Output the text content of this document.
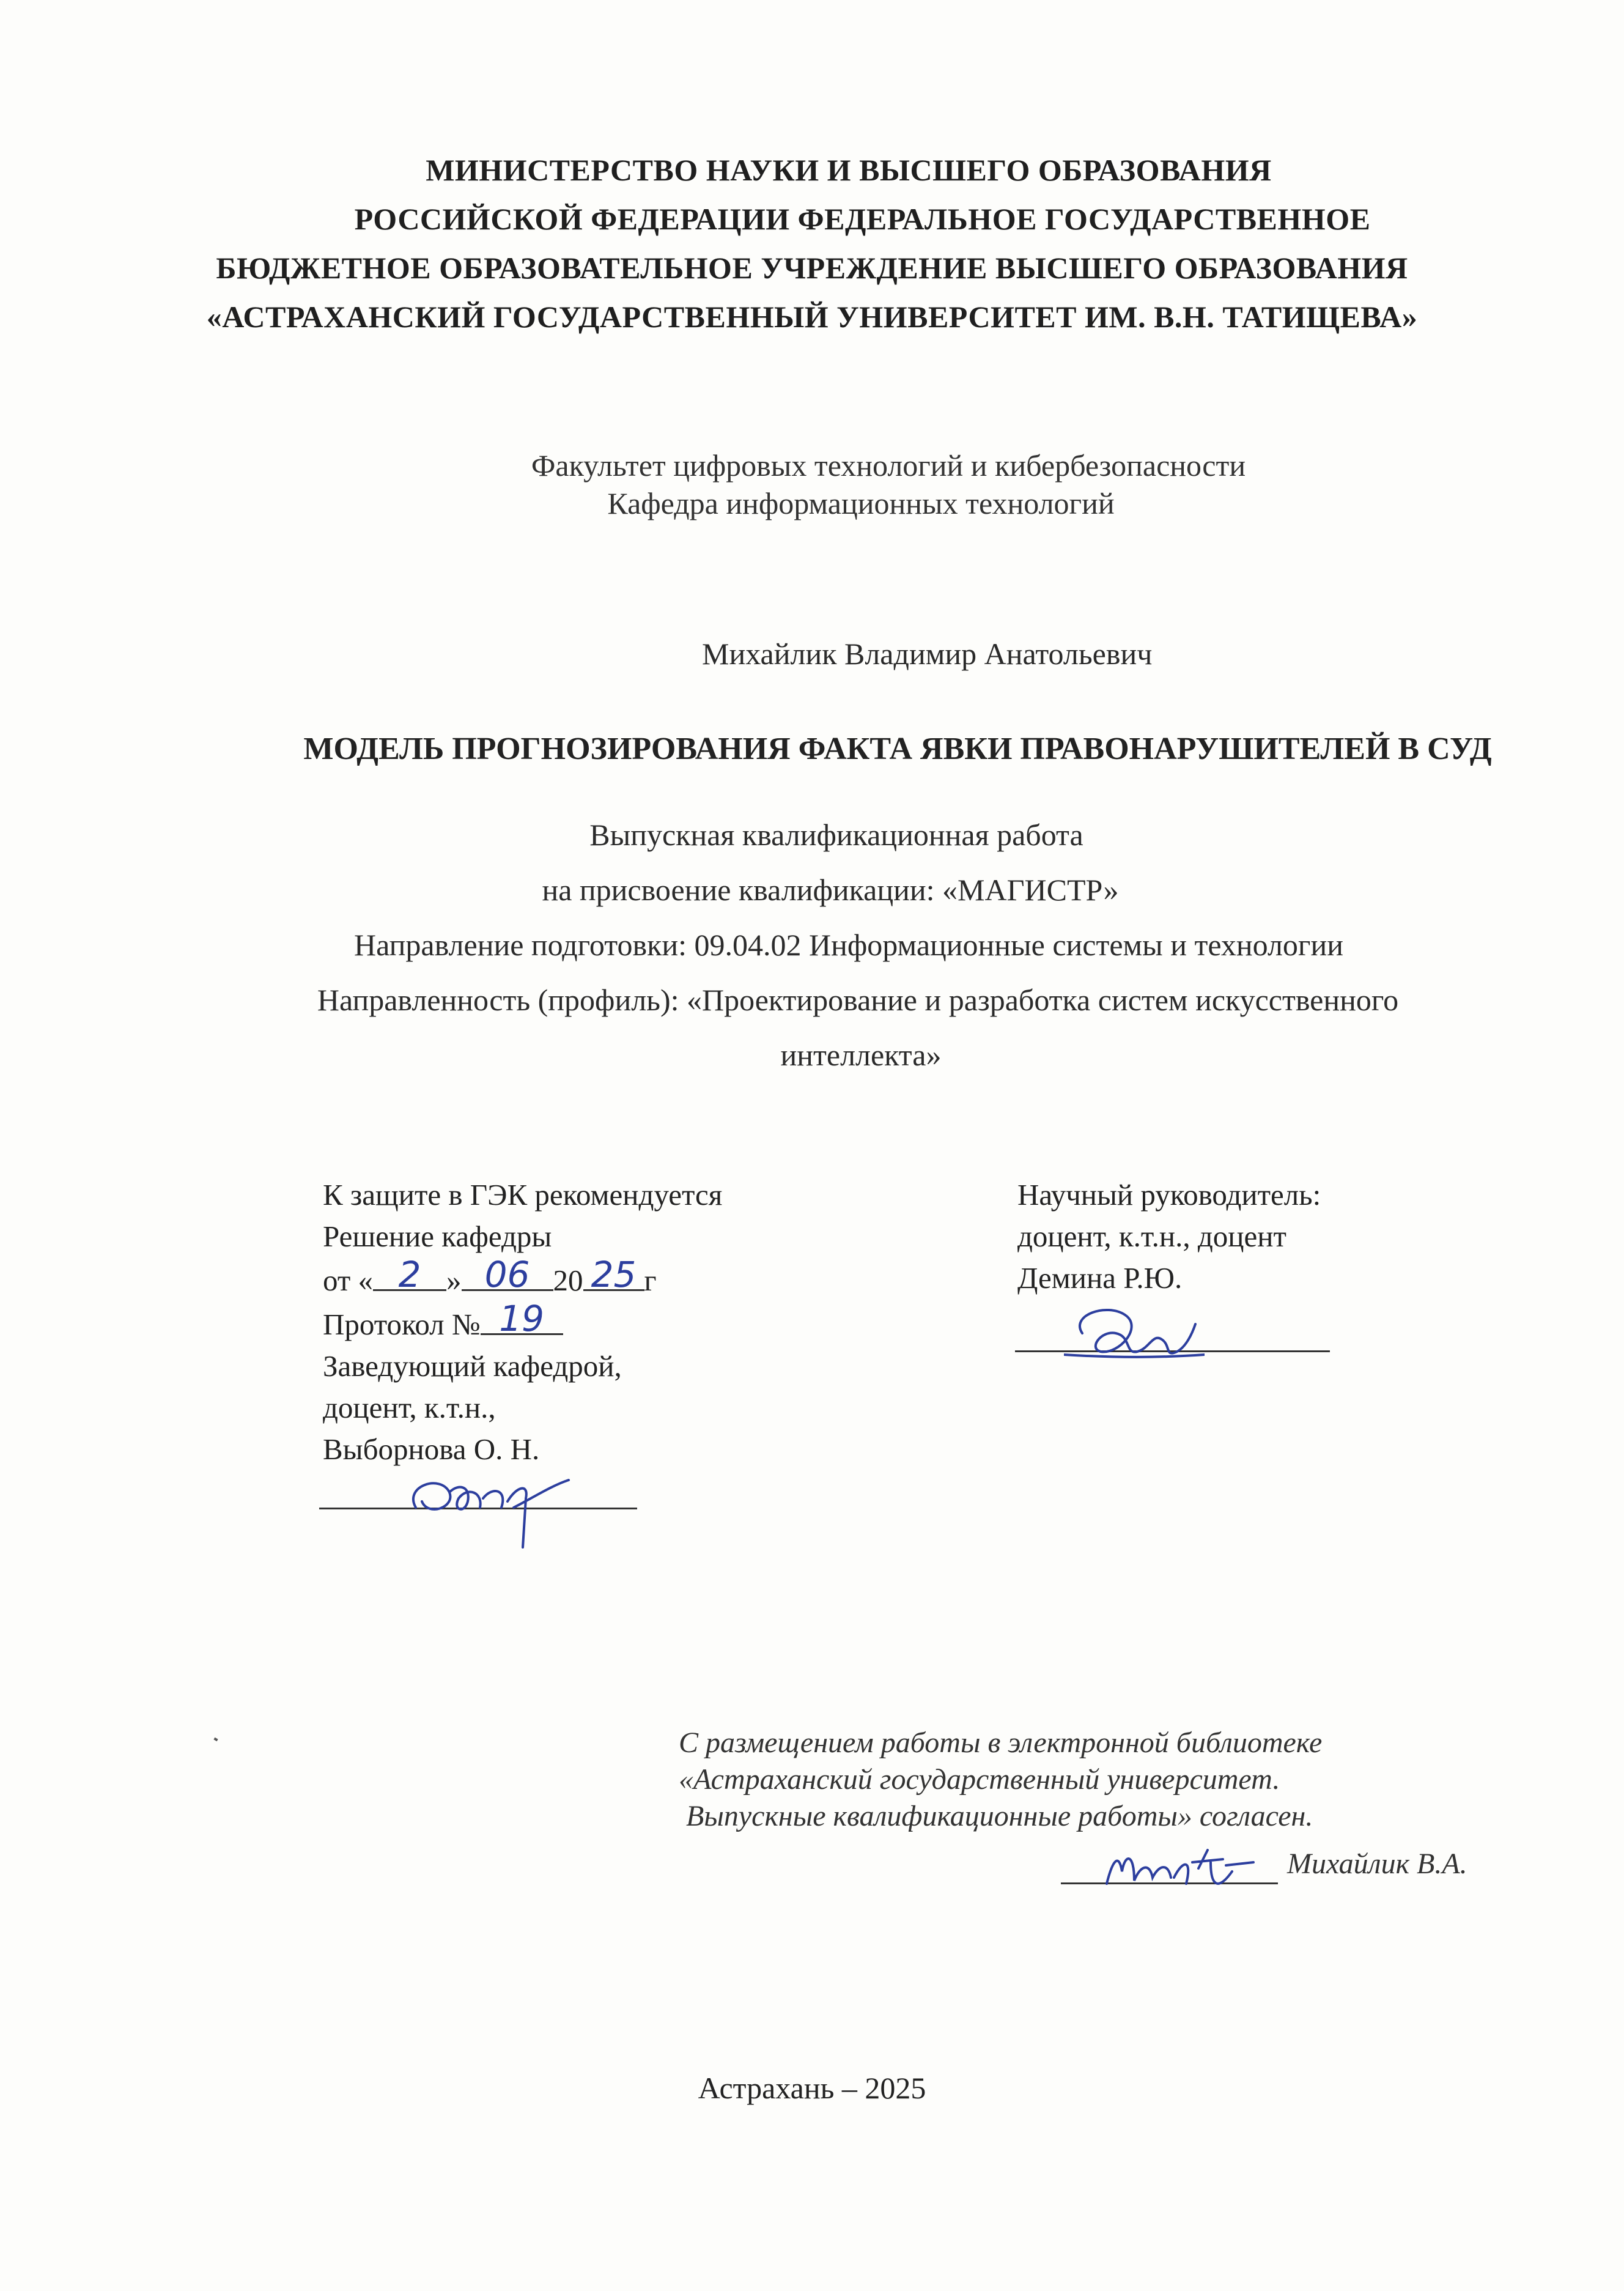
МИНИСТЕРСТВО НАУКИ И ВЫСШЕГО ОБРАЗОВАНИЯ
РОССИЙСКОЙ ФЕДЕРАЦИИ ФЕДЕРАЛЬНОЕ ГОСУДАРСТВЕННОЕ
БЮДЖЕТНОЕ ОБРАЗОВАТЕЛЬНОЕ УЧРЕЖДЕНИЕ ВЫСШЕГО ОБРАЗОВАНИЯ
«АСТРАХАНСКИЙ ГОСУДАРСТВЕННЫЙ УНИВЕРСИТЕТ ИМ. В.Н. ТАТИЩЕВА»
Факультет цифровых технологий и кибербезопасности
Кафедра информационных технологий
Михайлик Владимир Анатольевич
МОДЕЛЬ ПРОГНОЗИРОВАНИЯ ФАКТА ЯВКИ ПРАВОНАРУШИТЕЛЕЙ В СУД
Выпускная квалификационная работа
на присвоение квалификации: «МАГИСТР»
Направление подготовки: 09.04.02 Информационные системы и технологии
Направленность (профиль): «Проектирование и разработка систем искусственного
интеллекта»
К защите в ГЭК рекомендуется
Решение кафедры
от « 2 » 06 20 25 г
Протокол № 19
Заведующий кафедрой,
доцент, к.т.н.,
Выборнова О. Н.
Научный руководитель:
доцент, к.т.н., доцент
Демина Р.Ю.
С размещением работы в электронной библиотеке
«Астраханский государственный университет.
Выпускные квалификационные работы» согласен.
Михайлик В.А.
Астрахань – 2025
